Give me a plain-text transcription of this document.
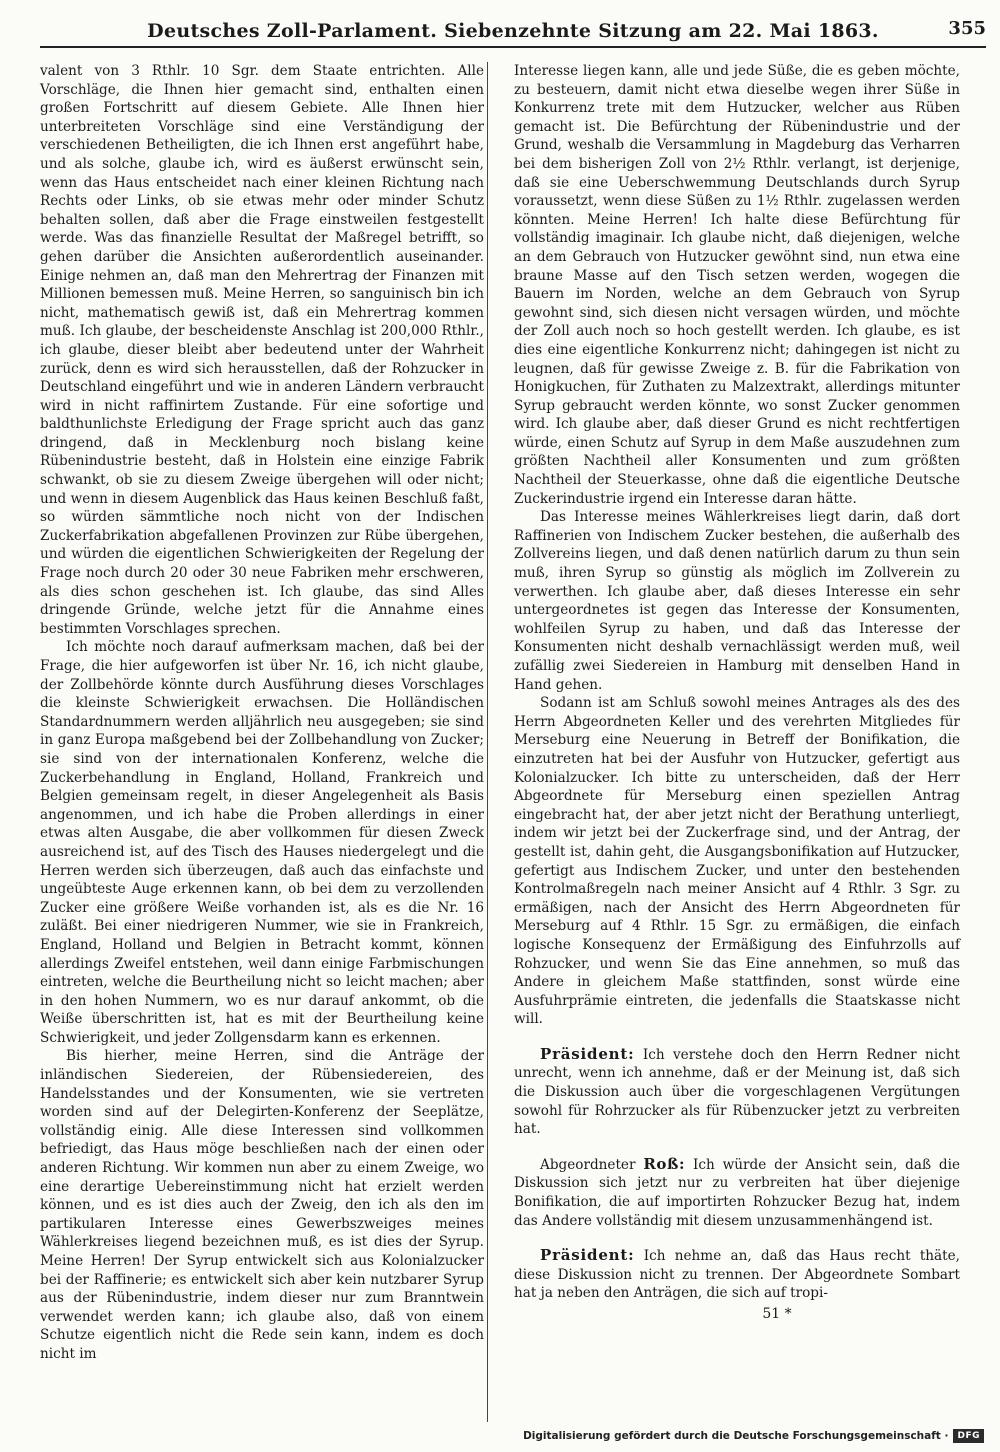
Deutsches Zoll-Parlament. Siebenzehnte Sitzung am 22. Mai 1863.	355

valent von 3 Rthlr. 10 Sgr. dem Staate entrichten. Alle Vorschläge, die Ihnen hier gemacht sind, enthalten einen großen Fortschritt auf diesem Gebiete. Alle Ihnen hier unterbreiteten Vorschläge sind eine Verständigung der verschiedenen Betheiligten, die ich Ihnen erst angeführt habe, und als solche, glaube ich, wird es äußerst erwünscht sein, wenn das Haus entscheidet nach einer kleinen Richtung nach Rechts oder Links, ob sie etwas mehr oder minder Schutz behalten sollen, daß aber die Frage einstweilen festgestellt werde. Was das finanzielle Resultat der Maßregel betrifft, so gehen darüber die Ansichten außerordentlich auseinander. Einige nehmen an, daß man den Mehrertrag der Finanzen mit Millionen bemessen muß. Meine Herren, so sanguinisch bin ich nicht, mathematisch gewiß ist, daß ein Mehrertrag kommen muß. Ich glaube, der bescheidenste Anschlag ist 200,000 Rthlr., ich glaube, dieser bleibt aber bedeutend unter der Wahrheit zurück, denn es wird sich herausstellen, daß der Rohzucker in Deutschland eingeführt und wie in anderen Ländern verbraucht wird in nicht raffinirtem Zustande. Für eine sofortige und baldthunlichste Erledigung der Frage spricht auch das ganz dringend, daß in Mecklenburg noch bislang keine Rübenindustrie besteht, daß in Holstein eine einzige Fabrik schwankt, ob sie zu diesem Zweige übergehen will oder nicht; und wenn in diesem Augenblick das Haus keinen Beschluß faßt, so würden sämmtliche noch nicht von der Indischen Zuckerfabrikation abgefallenen Provinzen zur Rübe übergehen, und würden die eigentlichen Schwierigkeiten der Regelung der Frage noch durch 20 oder 30 neue Fabriken mehr erschweren, als dies schon geschehen ist. Ich glaube, das sind Alles dringende Gründe, welche jetzt für die Annahme eines bestimmten Vorschlages sprechen.

Ich möchte noch darauf aufmerksam machen, daß bei der Frage, die hier aufgeworfen ist über Nr. 16, ich nicht glaube, der Zollbehörde könnte durch Ausführung dieses Vorschlages die kleinste Schwierigkeit erwachsen. Die Holländischen Standardnummern werden alljährlich neu ausgegeben; sie sind in ganz Europa maßgebend bei der Zollbehandlung von Zucker; sie sind von der internationalen Konferenz, welche die Zuckerbehandlung in England, Holland, Frankreich und Belgien gemeinsam regelt, in dieser Angelegenheit als Basis angenommen, und ich habe die Proben allerdings in einer etwas alten Ausgabe, die aber vollkommen für diesen Zweck ausreichend ist, auf des Tisch des Hauses niedergelegt und die Herren werden sich überzeugen, daß auch das einfachste und ungeübteste Auge erkennen kann, ob bei dem zu verzollenden Zucker eine größere Weiße vorhanden ist, als es die Nr. 16 zuläßt. Bei einer niedrigeren Nummer, wie sie in Frankreich, England, Holland und Belgien in Betracht kommt, können allerdings Zweifel entstehen, weil dann einige Farbmischungen eintreten, welche die Beurtheilung nicht so leicht machen; aber in den hohen Nummern, wo es nur darauf ankommt, ob die Weiße überschritten ist, hat es mit der Beurtheilung keine Schwierigkeit, und jeder Zollgensdarm kann es erkennen.

Bis hierher, meine Herren, sind die Anträge der inländischen Siedereien, der Rübensiedereien, des Handelsstandes und der Konsumenten, wie sie vertreten worden sind auf der Delegirten-Konferenz der Seeplätze, vollständig einig. Alle diese Interessen sind vollkommen befriedigt, das Haus möge beschließen nach der einen oder anderen Richtung. Wir kommen nun aber zu einem Zweige, wo eine derartige Uebereinstimmung nicht hat erzielt werden können, und es ist dies auch der Zweig, den ich als den im partikularen Interesse eines Gewerbszweiges meines Wählerkreises liegend bezeichnen muß, es ist dies der Syrup. Meine Herren! Der Syrup entwickelt sich aus Kolonialzucker bei der Raffinerie; es entwickelt sich aber kein nutzbarer Syrup aus der Rübenindustrie, indem dieser nur zum Branntwein verwendet werden kann; ich glaube also, daß von einem Schutze eigentlich nicht die Rede sein kann, indem es doch nicht im

Interesse liegen kann, alle und jede Süße, die es geben möchte, zu besteuern, damit nicht etwa dieselbe wegen ihrer Süße in Konkurrenz trete mit dem Hutzucker, welcher aus Rüben gemacht ist. Die Befürchtung der Rübenindustrie und der Grund, weshalb die Versammlung in Magdeburg das Verharren bei dem bisherigen Zoll von 2½ Rthlr. verlangt, ist derjenige, daß sie eine Ueberschwemmung Deutschlands durch Syrup voraussetzt, wenn diese Süßen zu 1½ Rthlr. zugelassen werden könnten. Meine Herren! Ich halte diese Befürchtung für vollständig imaginair. Ich glaube nicht, daß diejenigen, welche an dem Gebrauch von Hutzucker gewöhnt sind, nun etwa eine braune Masse auf den Tisch setzen werden, wogegen die Bauern im Norden, welche an dem Gebrauch von Syrup gewohnt sind, sich diesen nicht versagen würden, und möchte der Zoll auch noch so hoch gestellt werden. Ich glaube, es ist dies eine eigentliche Konkurrenz nicht; dahingegen ist nicht zu leugnen, daß für gewisse Zweige z. B. für die Fabrikation von Honigkuchen, für Zuthaten zu Malzextrakt, allerdings mitunter Syrup gebraucht werden könnte, wo sonst Zucker genommen wird. Ich glaube aber, daß dieser Grund es nicht rechtfertigen würde, einen Schutz auf Syrup in dem Maße auszudehnen zum größten Nachtheil aller Konsumenten und zum größten Nachtheil der Steuerkasse, ohne daß die eigentliche Deutsche Zuckerindustrie irgend ein Interesse daran hätte.

Das Interesse meines Wählerkreises liegt darin, daß dort Raffinerien von Indischem Zucker bestehen, die außerhalb des Zollvereins liegen, und daß denen natürlich darum zu thun sein muß, ihren Syrup so günstig als möglich im Zollverein zu verwerthen. Ich glaube aber, daß dieses Interesse ein sehr untergeordnetes ist gegen das Interesse der Konsumenten, wohlfeilen Syrup zu haben, und daß das Interesse der Konsumenten nicht deshalb vernachlässigt werden muß, weil zufällig zwei Siedereien in Hamburg mit denselben Hand in Hand gehen.

Sodann ist am Schluß sowohl meines Antrages als des des Herrn Abgeordneten Keller und des verehrten Mitgliedes für Merseburg eine Neuerung in Betreff der Bonifikation, die einzutreten hat bei der Ausfuhr von Hutzucker, gefertigt aus Kolonialzucker. Ich bitte zu unterscheiden, daß der Herr Abgeordnete für Merseburg einen speziellen Antrag eingebracht hat, der aber jetzt nicht der Berathung unterliegt, indem wir jetzt bei der Zuckerfrage sind, und der Antrag, der gestellt ist, dahin geht, die Ausgangsbonifikation auf Hutzucker, gefertigt aus Indischem Zucker, und unter den bestehenden Kontrolmaßregeln nach meiner Ansicht auf 4 Rthlr. 3 Sgr. zu ermäßigen, nach der Ansicht des Herrn Abgeordneten für Merseburg auf 4 Rthlr. 15 Sgr. zu ermäßigen, die einfach logische Konsequenz der Ermäßigung des Einfuhrzolls auf Rohzucker, und wenn Sie das Eine annehmen, so muß das Andere in gleichem Maße stattfinden, sonst würde eine Ausfuhrprämie eintreten, die jedenfalls die Staatskasse nicht will.

Präsident: Ich verstehe doch den Herrn Redner nicht unrecht, wenn ich annehme, daß er der Meinung ist, daß sich die Diskussion auch über die vorgeschlagenen Vergütungen sowohl für Rohrzucker als für Rübenzucker jetzt zu verbreiten hat.

Abgeordneter Roß: Ich würde der Ansicht sein, daß die Diskussion sich jetzt nur zu verbreiten hat über diejenige Bonifikation, die auf importirten Rohzucker Bezug hat, indem das Andere vollständig mit diesem unzusammenhängend ist.

Präsident: Ich nehme an, daß das Haus recht thäte, diese Diskussion nicht zu trennen. Der Abgeordnete Sombart hat ja neben den Anträgen, die sich auf tropi-

51 *
Digitalisierung gefördert durch die Deutsche Forschungsgemeinschaft ·	DFG
